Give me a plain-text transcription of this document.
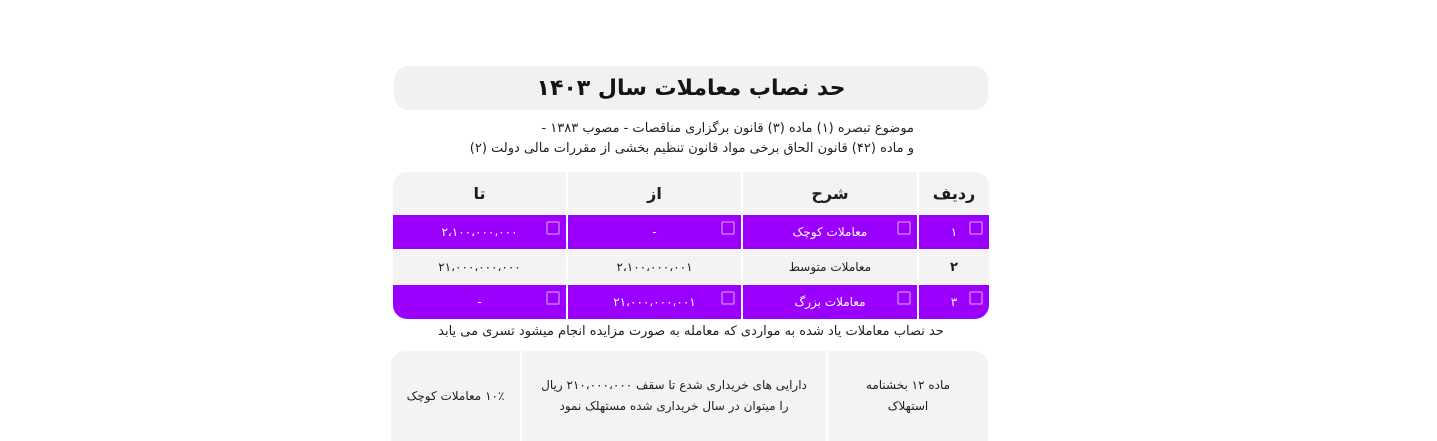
حد نصاب معاملات سال ۱۴۰۳
موضوع تبصره (۱) ماده (۳) قانون برگزاری مناقصات - مصوب ۱۳۸۳ -
و ماده (۴۲) قانون الحاق برخی مواد قانون تنظیم بخشی از مقررات مالی دولت (۲)
ردیف
شرح
از
تا
۱
معاملات کوچک
-
۲،۱۰۰،۰۰۰،۰۰۰
۲
معاملات متوسط
۲،۱۰۰،۰۰۰،۰۰۱
۲۱،۰۰۰،۰۰۰،۰۰۰
۳
معاملات بزرگ
۲۱،۰۰۰،۰۰۰،۰۰۱
-
حد نصاب معاملات یاد شده به مواردی که معامله به صورت مزایده انجام میشود تسری می یابد
ماده ۱۲ بخشنامه استهلاک
دارایی های خریداری شدع تا سقف ۲۱۰،۰۰۰،۰۰۰ ریال
را میتوان در سال خریداری شده مستهلک نمود
۱۰٪ معاملات کوچک
